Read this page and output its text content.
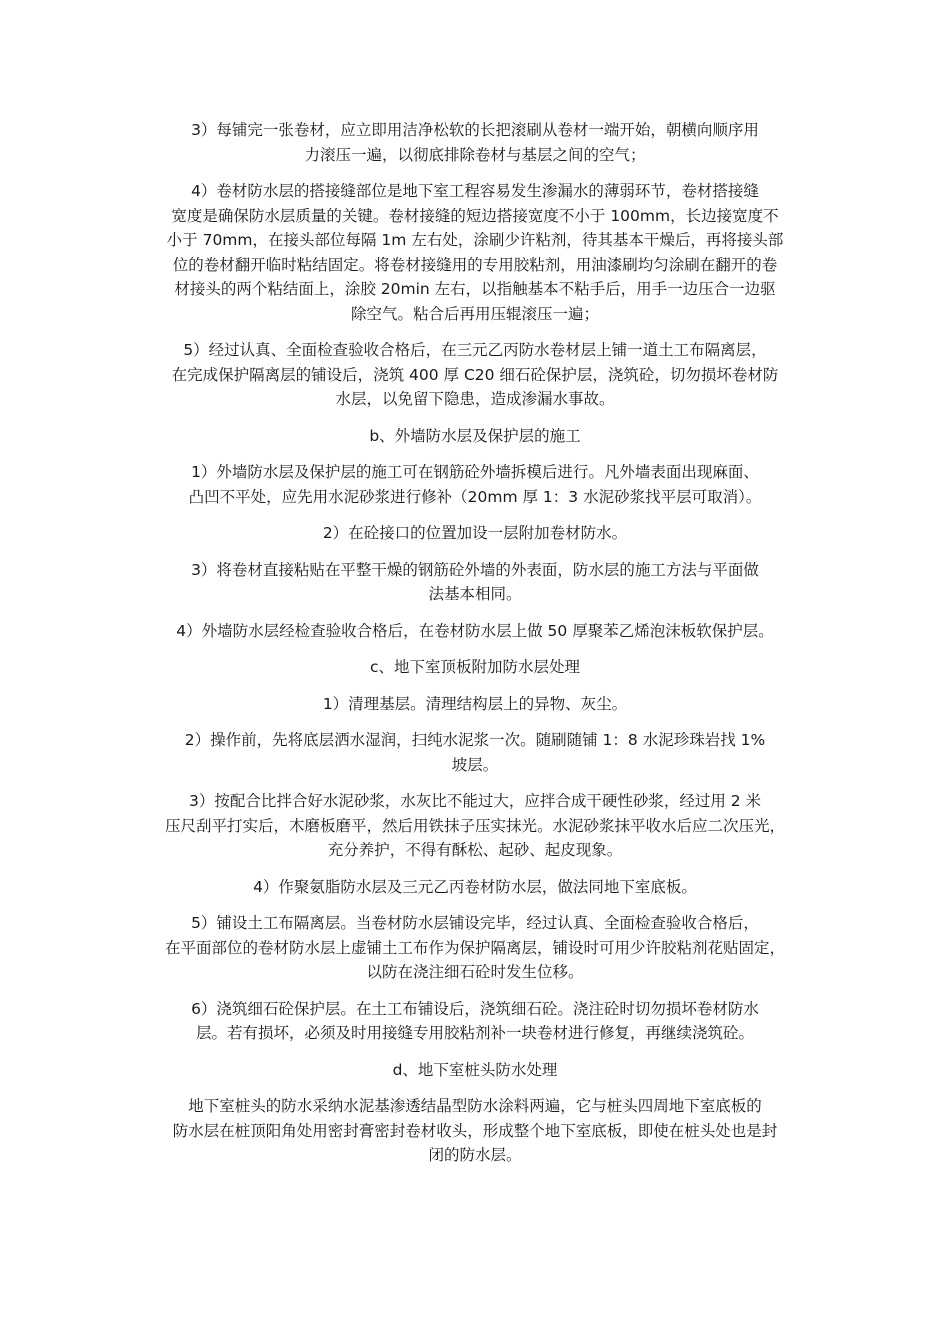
3）每铺完一张卷材，应立即用洁净松软的长把滚刷从卷材一端开始，朝横向顺序用
力滚压一遍，以彻底排除卷材与基层之间的空气；
4）卷材防水层的搭接缝部位是地下室工程容易发生渗漏水的薄弱环节，卷材搭接缝
宽度是确保防水层质量的关键。卷材接缝的短边搭接宽度不小于 100mm，长边接宽度不
小于 70mm，在接头部位每隔 1m 左右处，涂刷少许粘剂，待其基本干燥后，再将接头部
位的卷材翻开临时粘结固定。将卷材接缝用的专用胶粘剂，用油漆刷均匀涂刷在翻开的卷
材接头的两个粘结面上，涂胶 20min 左右，以指触基本不粘手后，用手一边压合一边驱
除空气。粘合后再用压辊滚压一遍；
5）经过认真、全面检查验收合格后，在三元乙丙防水卷材层上铺一道土工布隔离层，
在完成保护隔离层的铺设后，浇筑 400 厚 C20 细石砼保护层，浇筑砼，切勿损坏卷材防
水层，以免留下隐患，造成渗漏水事故。
b、外墙防水层及保护层的施工
1）外墙防水层及保护层的施工可在钢筋砼外墙拆模后进行。凡外墙表面出现麻面、
凸凹不平处，应先用水泥砂浆进行修补（20mm 厚 1：3 水泥砂浆找平层可取消）。
2）在砼接口的位置加设一层附加卷材防水。
3）将卷材直接粘贴在平整干燥的钢筋砼外墙的外表面，防水层的施工方法与平面做
法基本相同。
4）外墙防水层经检查验收合格后，在卷材防水层上做 50 厚聚苯乙烯泡沫板软保护层。
c、地下室顶板附加防水层处理
1）清理基层。清理结构层上的异物、灰尘。
2）操作前，先将底层洒水湿润，扫纯水泥浆一次。随刷随铺 1：8 水泥珍珠岩找 1%
坡层。
3）按配合比拌合好水泥砂浆，水灰比不能过大，应拌合成干硬性砂浆，经过用 2 米
压尺刮平打实后，木磨板磨平，然后用铁抹子压实抹光。水泥砂浆抹平收水后应二次压光，
充分养护，不得有酥松、起砂、起皮现象。
4）作聚氨脂防水层及三元乙丙卷材防水层，做法同地下室底板。
5）铺设土工布隔离层。当卷材防水层铺设完毕，经过认真、全面检查验收合格后，
在平面部位的卷材防水层上虚铺土工布作为保护隔离层，铺设时可用少许胶粘剂花贴固定，
以防在浇注细石砼时发生位移。
6）浇筑细石砼保护层。在土工布铺设后，浇筑细石砼。浇注砼时切勿损坏卷材防水
层。若有损坏，必须及时用接缝专用胶粘剂补一块卷材进行修复，再继续浇筑砼。
d、地下室桩头防水处理
地下室桩头的防水采纳水泥基渗透结晶型防水涂料两遍，它与桩头四周地下室底板的
防水层在桩顶阳角处用密封膏密封卷材收头，形成整个地下室底板，即使在桩头处也是封
闭的防水层。
